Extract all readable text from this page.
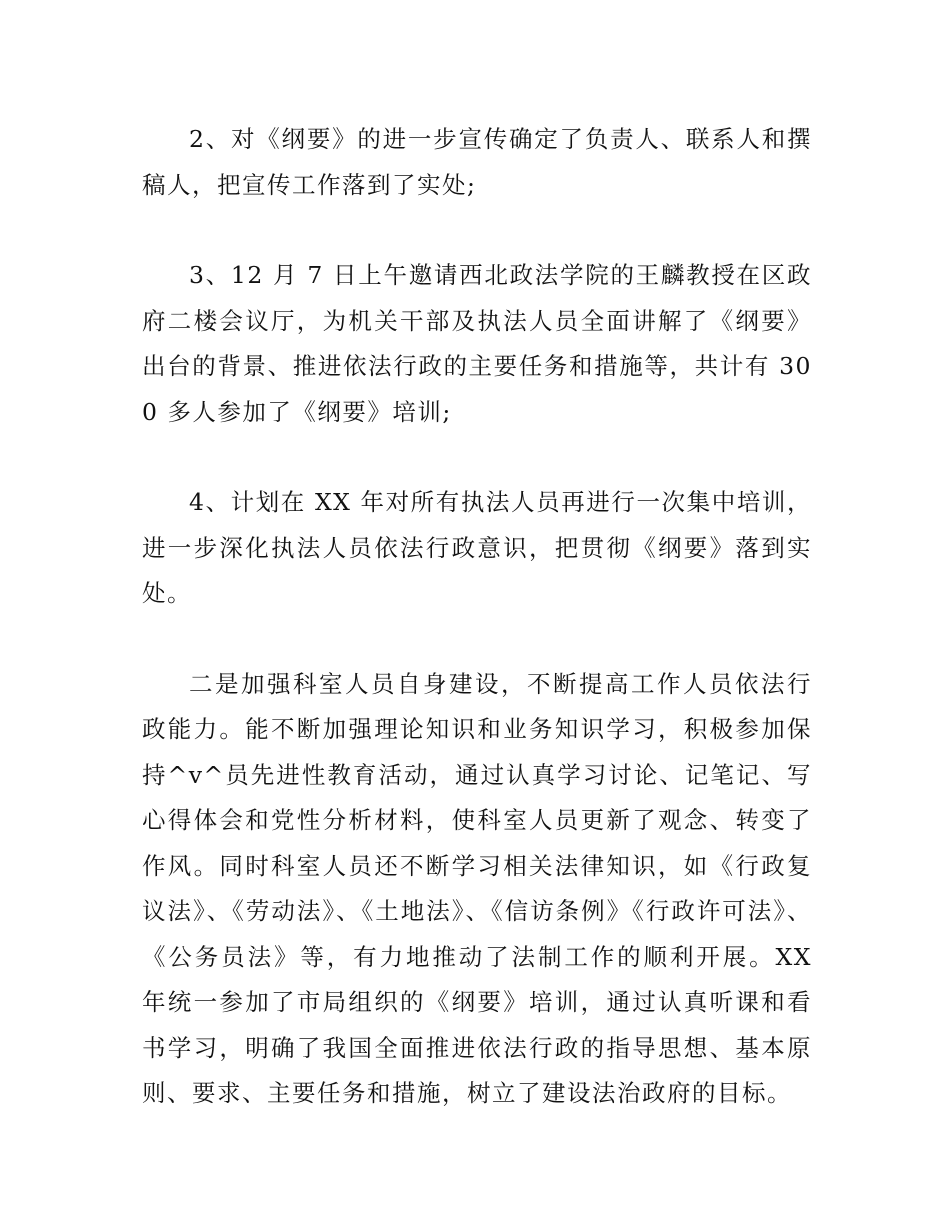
2、对《纲要》的进一步宣传确定了负责人、联系人和撰稿人，把宣传工作落到了实处;

3、12 月 7 日上午邀请西北政法学院的王麟教授在区政府二楼会议厅，为机关干部及执法人员全面讲解了《纲要》出台的背景、推进依法行政的主要任务和措施等，共计有 300 多人参加了《纲要》培训;

4、计划在 XX 年对所有执法人员再进行一次集中培训，进一步深化执法人员依法行政意识，把贯彻《纲要》落到实处。

二是加强科室人员自身建设，不断提高工作人员依法行政能力。能不断加强理论知识和业务知识学习，积极参加保持^v^员先进性教育活动，通过认真学习讨论、记笔记、写心得体会和党性分析材料，使科室人员更新了观念、转变了作风。同时科室人员还不断学习相关法律知识，如《行政复议法》、《劳动法》、《土地法》、《信访条例》《行政许可法》、《公务员法》等，有力地推动了法制工作的顺利开展。XX 年统一参加了市局组织的《纲要》培训，通过认真听课和看书学习，明确了我国全面推进依法行政的指导思想、基本原则、要求、主要任务和措施，树立了建设法治政府的目标。
